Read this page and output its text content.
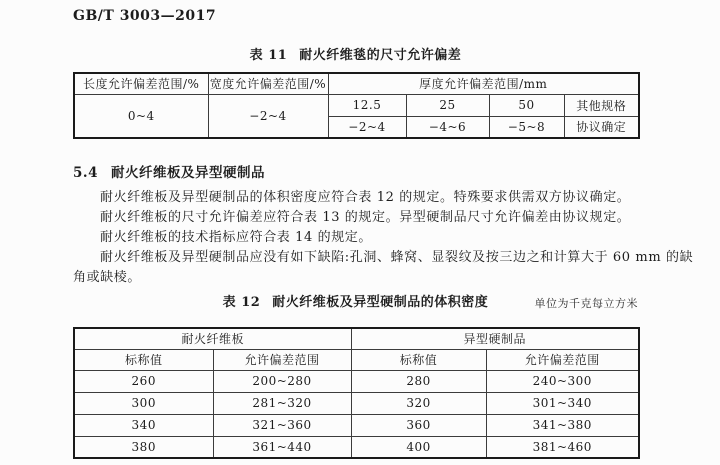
GB/T 3003—2017
表 11 耐火纤维毯的尺寸允许偏差
长度允许偏差范围/%	宽度允许偏差范围/%	厚度允许偏差范围/mm			
0~4	−2~4	12.5	25	50	其他规格
		−2~4	−4~6	−5~8	协议确定
5.4 耐火纤维板及异型硬制品
耐火纤维板及异型硬制品的体积密度应符合表 12 的规定。特殊要求供需双方协议确定。
耐火纤维板的尺寸允许偏差应符合表 13 的规定。异型硬制品尺寸允许偏差由协议规定。
耐火纤维板的技术指标应符合表 14 的规定。
耐火纤维板及异型硬制品应没有如下缺陷:孔洞、蜂窝、显裂纹及按三边之和计算大于 60 mm 的缺
角或缺棱。
表 12 耐火纤维板及异型硬制品的体积密度	单位为千克每立方米
耐火纤维板		异型硬制品	
标称值	允许偏差范围	标称值	允许偏差范围
260	200~280	280	240~300
300	281~320	320	301~340
340	321~360	360	341~380
380	361~440	400	381~460
